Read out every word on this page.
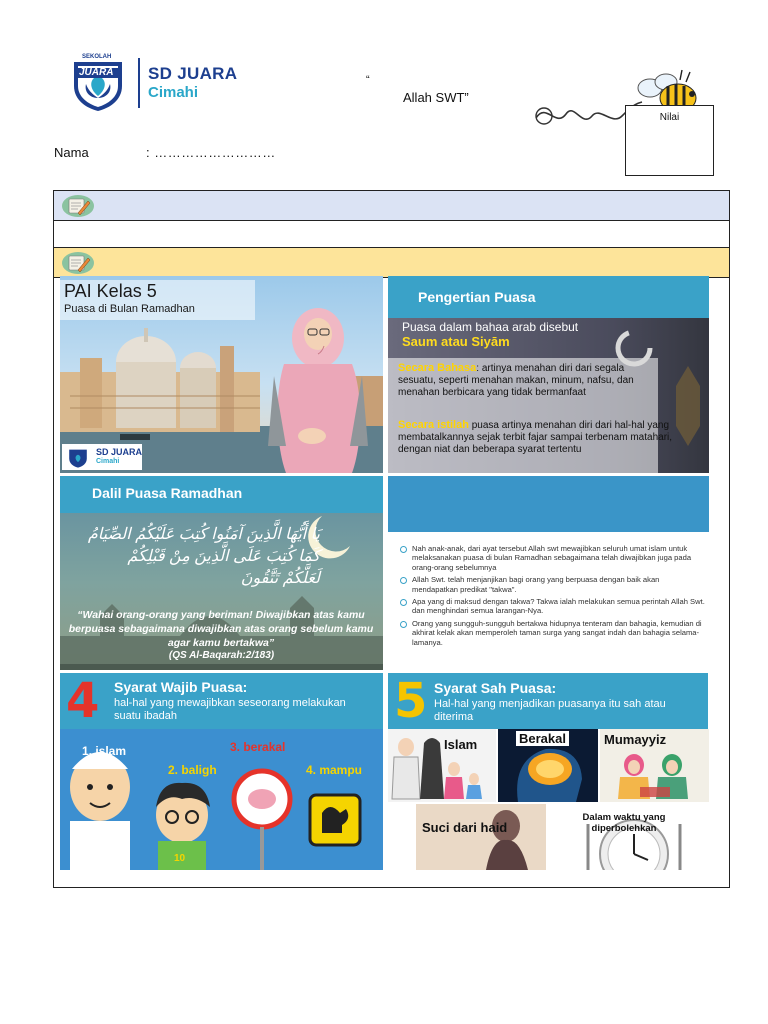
SEKOLAH
JUARA SD JUARA
Cimahi
“
Allah SWT”
Nilai
Nama	: ………………………
PAI Kelas 5
Puasa di Bulan Ramadhan
SD JUARA
Cimahi
Pengertian Puasa
Puasa dalam bahaa arab disebut
Saum atau Siyām
Secara Bahasa: artinya menahan diri dari segala sesuatu, seperti menahan makan, minum, nafsu, dan menahan berbicara yang tidak bermanfaat
Secara istilah puasa artinya menahan diri dari hal-hal yang membatalkannya sejak terbit fajar sampai terbenam matahari, dengan niat dan beberapa syarat tertentu
Dalil Puasa Ramadhan
يَا أَيُّهَا الَّذِينَ آمَنُوا كُتِبَ عَلَيْكُمُ الصِّيَامُ
كَمَا كُتِبَ عَلَى الَّذِينَ مِنْ قَبْلِكُمْ
لَعَلَّكُمْ تَتَّقُونَ
“Wahai orang-orang yang beriman! Diwajibkan atas kamu berpuasa sebagaimana diwajibkan atas orang sebelum kamu agar kamu bertakwa”
(QS Al-Baqarah:2/183)
Nah anak-anak, dari ayat tersebut Allah swt mewajibkan seluruh umat islam untuk melaksanakan puasa di bulan Ramadhan sebagaimana telah diwajibkan juga pada orang-orang sebelumnya
Allah Swt. telah menjanjikan bagi orang yang berpuasa dengan baik akan mendapatkan predikat "takwa".
Apa yang di maksud dengan takwa? Takwa ialah melakukan semua perintah Allah Swt. dan menghindari semua larangan-Nya.
Orang yang sungguh-sungguh bertakwa hidupnya tenteram dan bahagia, kemudian di akhirat kelak akan memperoleh taman surga yang sangat indah dan bahagia selama-lamanya.
4 Syarat Wajib Puasa:
hal-hal yang mewajibkan seseorang melakukan suatu ibadah
1. islam
2. baligh
3. berakal
4. mampu
10
5 Syarat Sah Puasa:
Hal-hal yang menjadikan puasanya itu sah atau diterima
Islam	Berakal	Mumayyiz
Suci dari haid
Dalam waktu yang diperbolehkan
